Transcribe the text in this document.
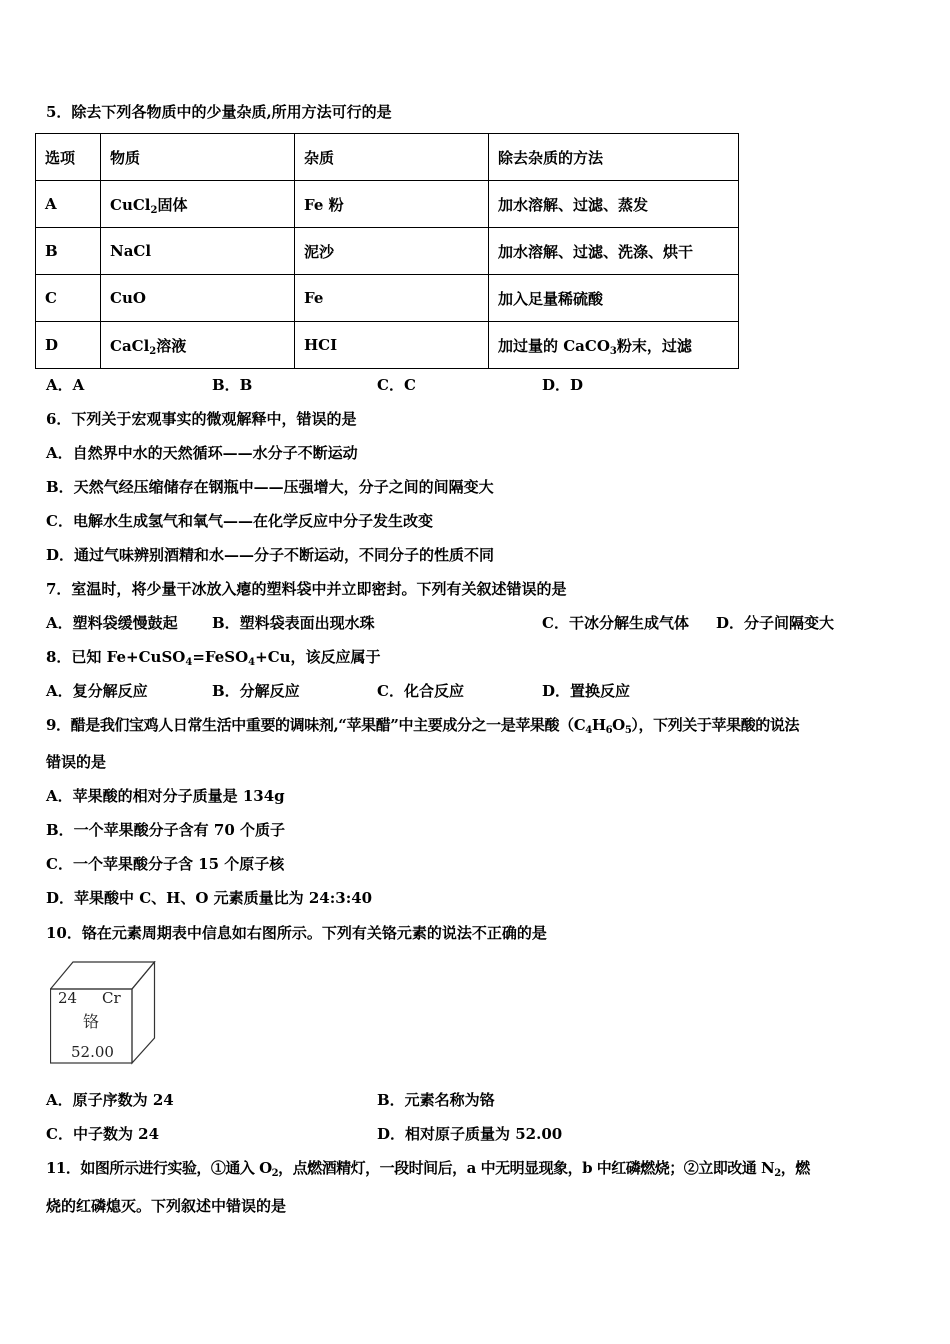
5．除去下列各物质中的少量杂质,所用方法可行的是
选项	物质	杂质	除去杂质的方法
A	CuCl$_2$固体	Fe 粉	加水溶解、过滤、蒸发
B	NaCl	泥沙	加水溶解、过滤、洗涤、烘干
C	CuO	Fe	加入足量稀硫酸
D	CaCl$_2$溶液	HCI	加过量的 CaCO$_3$粉末，过滤
A．A	B．B	C．C	D．D
6．下列关于宏观事实的微观解释中，错误的是
A．自然界中水的天然循环——水分子不断运动
B．天然气经压缩储存在钢瓶中——压强增大，分子之间的间隔变大
C．电解水生成氢气和氧气——在化学反应中分子发生改变
D．通过气味辨别酒精和水——分子不断运动，不同分子的性质不同
7．室温时，将少量干冰放入瘪的塑料袋中并立即密封。下列有关叙述错误的是
A．塑料袋缓慢鼓起 B．塑料袋表面出现水珠	C．干冰分解生成气体 D．分子间隔变大
8．已知 Fe+CuSO$_4$=FeSO$_4$+Cu，该反应属于
A．复分解反应	B．分解反应	C．化合反应	D．置换反应
9．醋是我们宝鸡人日常生活中重要的调味剂,“苹果醋”中主要成分之一是苹果酸$(C_4H_6O_5)$，下列关于苹果酸的说法
错误的是
A．苹果酸的相对分子质量是 134g
B．一个苹果酸分子含有 70 个质子
C．一个苹果酸分子含 15 个原子核
D．苹果酸中 C、H、O 元素质量比为 24:3:40
10．铬在元素周期表中信息如右图所示。下列有关铬元素的说法不正确的是
24 Cr
铬
52.00
A．原子序数为 24	B．元素名称为铬
C．中子数为 24	D．相对原子质量为 52.00
11．如图所示进行实验，①通入 $O_2$，点燃酒精灯，一段时间后，a 中无明显现象，b 中红磷燃烧；②立即改通 $N_2$，燃
烧的红磷熄灭。下列叙述中错误的是
